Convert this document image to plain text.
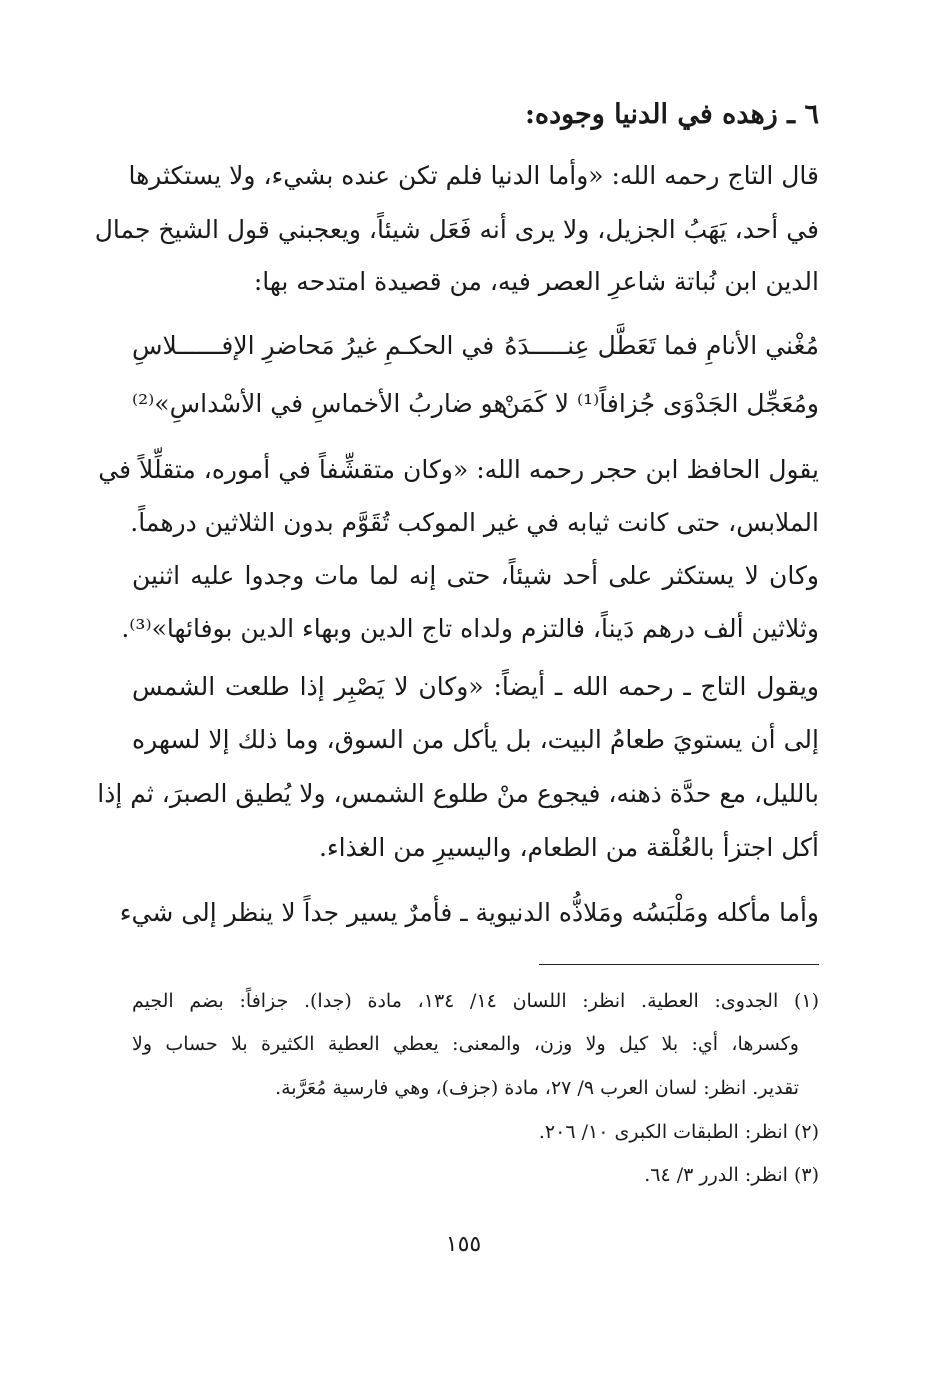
٦ ـ زهده في الدنيا وجوده:
قال التاج رحمه الله: «وأما الدنيا فلم تكن عنده بشيء، ولا يستكثرها
في أحد، يَهَبُ الجزيل، ولا يرى أنه فَعَل شيئاً، ويعجبني قول الشيخ جمال
الدين ابن نُباتة شاعرِ العصر فيه، من قصيدة امتدحه بها:
مُغْني الأنامِ فما تَعَطَّل عِنـــــدَهُ
في الحكـمِ غيرُ مَحاضرِ الإفــــــلاسِ
ومُعَجِّل الجَدْوَى جُزافاً⁽¹⁾ لا كَمَنْ
هو ضاربُ الأخماسِ في الأسْداسِ»⁽²⁾
يقول الحافظ ابن حجر رحمه الله: «وكان متقشِّفاً في أموره، متقلِّلاً في
الملابس، حتى كانت ثيابه في غير الموكب تُقَوَّم بدون الثلاثين درهماً.
وكان لا يستكثر على أحد شيئاً، حتى إنه لما مات وجدوا عليه اثنين
وثلاثين ألف درهم دَيناً، فالتزم ولداه تاج الدين وبهاء الدين بوفائها»⁽³⁾.
ويقول التاج ـ رحمه الله ـ أيضاً: «وكان لا يَصْبِر إذا طلعت الشمس
إلى أن يستويَ طعامُ البيت، بل يأكل من السوق، وما ذلك إلا لسهره
بالليل، مع حدَّة ذهنه، فيجوع منْ طلوع الشمس، ولا يُطيق الصبرَ، ثم إذا
أكل اجتزأ بالعُلْقة من الطعام، واليسيرِ من الغذاء.
وأما مأكله ومَلْبَسُه ومَلاذُّه الدنيوية ـ فأمرٌ يسير جداً لا ينظر إلى شيء
(١) الجدوى: العطية. انظر: اللسان ١٤/ ١٣٤، مادة (جدا). جزافاً: بضم الجيم
وكسرها، أي: بلا كيل ولا وزن، والمعنى: يعطي العطية الكثيرة بلا حساب ولا
تقدير. انظر: لسان العرب ٩/ ٢٧، مادة (جزف)، وهي فارسية مُعَرَّبة.
(٢) انظر: الطبقات الكبرى ١٠/ ٢٠٦.
(٣) انظر: الدرر ٣/ ٦٤.
١٥٥
